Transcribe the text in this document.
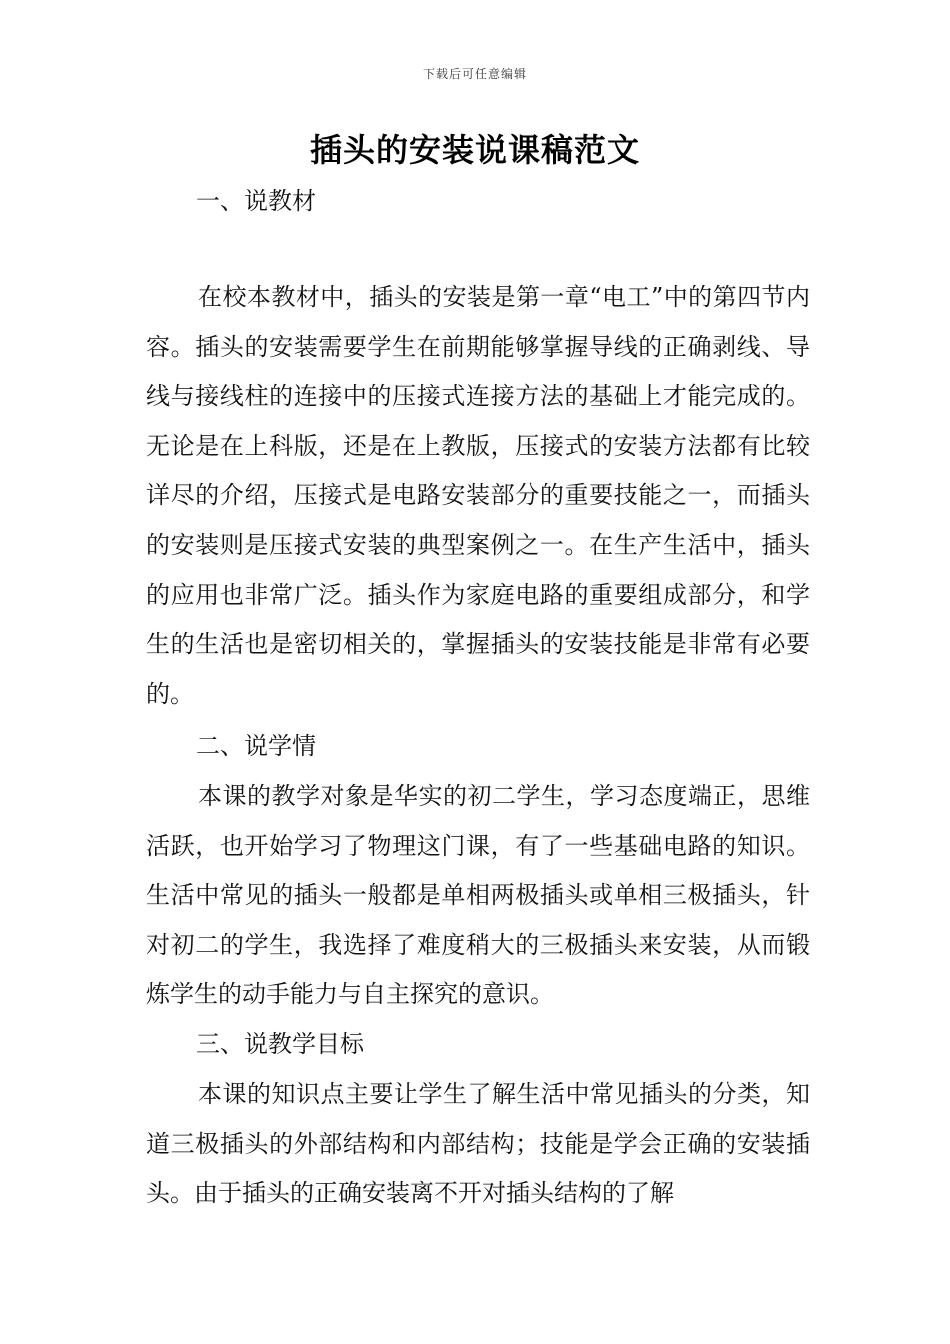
下载后可任意编辑
插头的安装说课稿范文
一、说教材
在校本教材中，插头的安装是第一章“电工”中的第四节内容。插头的安装需要学生在前期能够掌握导线的正确剥线、导线与接线柱的连接中的压接式连接方法的基础上才能完成的。无论是在上科版，还是在上教版，压接式的安装方法都有比较详尽的介绍，压接式是电路安装部分的重要技能之一，而插头的安装则是压接式安装的典型案例之一。在生产生活中，插头的应用也非常广泛。插头作为家庭电路的重要组成部分，和学生的生活也是密切相关的，掌握插头的安装技能是非常有必要的。
二、说学情
本课的教学对象是华实的初二学生，学习态度端正，思维活跃，也开始学习了物理这门课，有了一些基础电路的知识。生活中常见的插头一般都是单相两极插头或单相三极插头，针对初二的学生，我选择了难度稍大的三极插头来安装，从而锻炼学生的动手能力与自主探究的意识。
三、说教学目标
本课的知识点主要让学生了解生活中常见插头的分类，知道三极插头的外部结构和内部结构；技能是学会正确的安装插头。由于插头的正确安装离不开对插头结构的了解
